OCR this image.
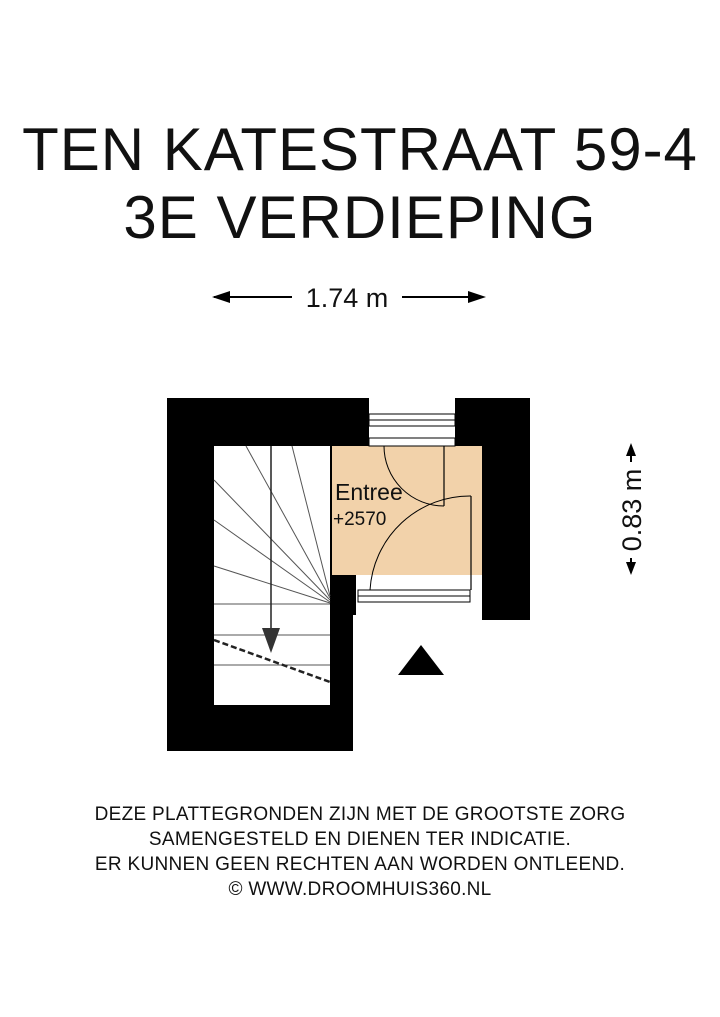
TEN KATESTRAAT 59-4
3E VERDIEPING
1.74 m
0.83 m
Entree
+2570
DEZE PLATTEGRONDEN ZIJN MET DE GROOTSTE ZORG
SAMENGESTELD EN DIENEN TER INDICATIE.
ER KUNNEN GEEN RECHTEN AAN WORDEN ONTLEEND.
© WWW.DROOMHUIS360.NL
